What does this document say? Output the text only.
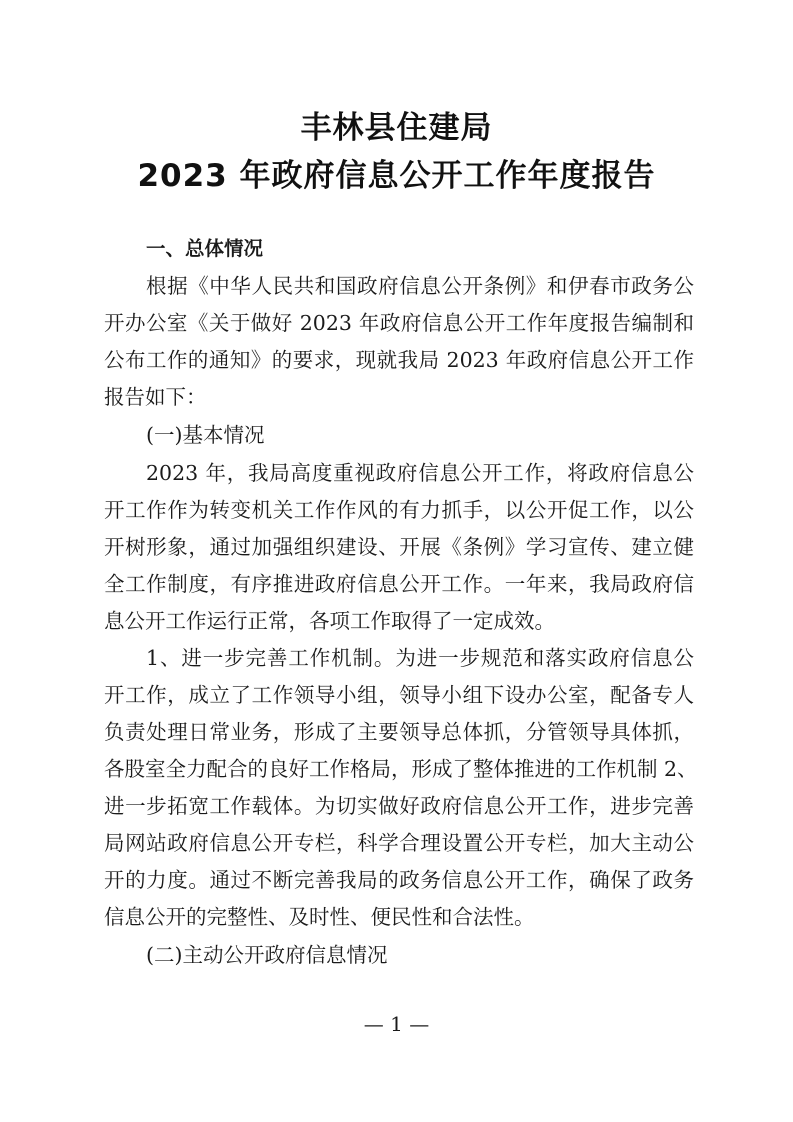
丰林县住建局
2023 年政府信息公开工作年度报告
一、总体情况
根据《中华人民共和国政府信息公开条例》和伊春市政务公
开办公室《关于做好 2023 年政府信息公开工作年度报告编制和
公布工作的通知》的要求，现就我局 2023 年政府信息公开工作
报告如下：
(一)基本情况
2023 年，我局高度重视政府信息公开工作，将政府信息公
开工作作为转变机关工作作风的有力抓手，以公开促工作，以公
开树形象，通过加强组织建设、开展《条例》学习宣传、建立健
全工作制度，有序推进政府信息公开工作。一年来，我局政府信
息公开工作运行正常，各项工作取得了一定成效。
1、进一步完善工作机制。为进一步规范和落实政府信息公
开工作，成立了工作领导小组，领导小组下设办公室，配备专人
负责处理日常业务，形成了主要领导总体抓，分管领导具体抓，
各股室全力配合的良好工作格局，形成了整体推进的工作机制 2、
进一步拓宽工作载体。为切实做好政府信息公开工作，进步完善
局网站政府信息公开专栏，科学合理设置公开专栏，加大主动公
开的力度。通过不断完善我局的政务信息公开工作，确保了政务
信息公开的完整性、及时性、便民性和合法性。
(二)主动公开政府信息情况
— 1 —
